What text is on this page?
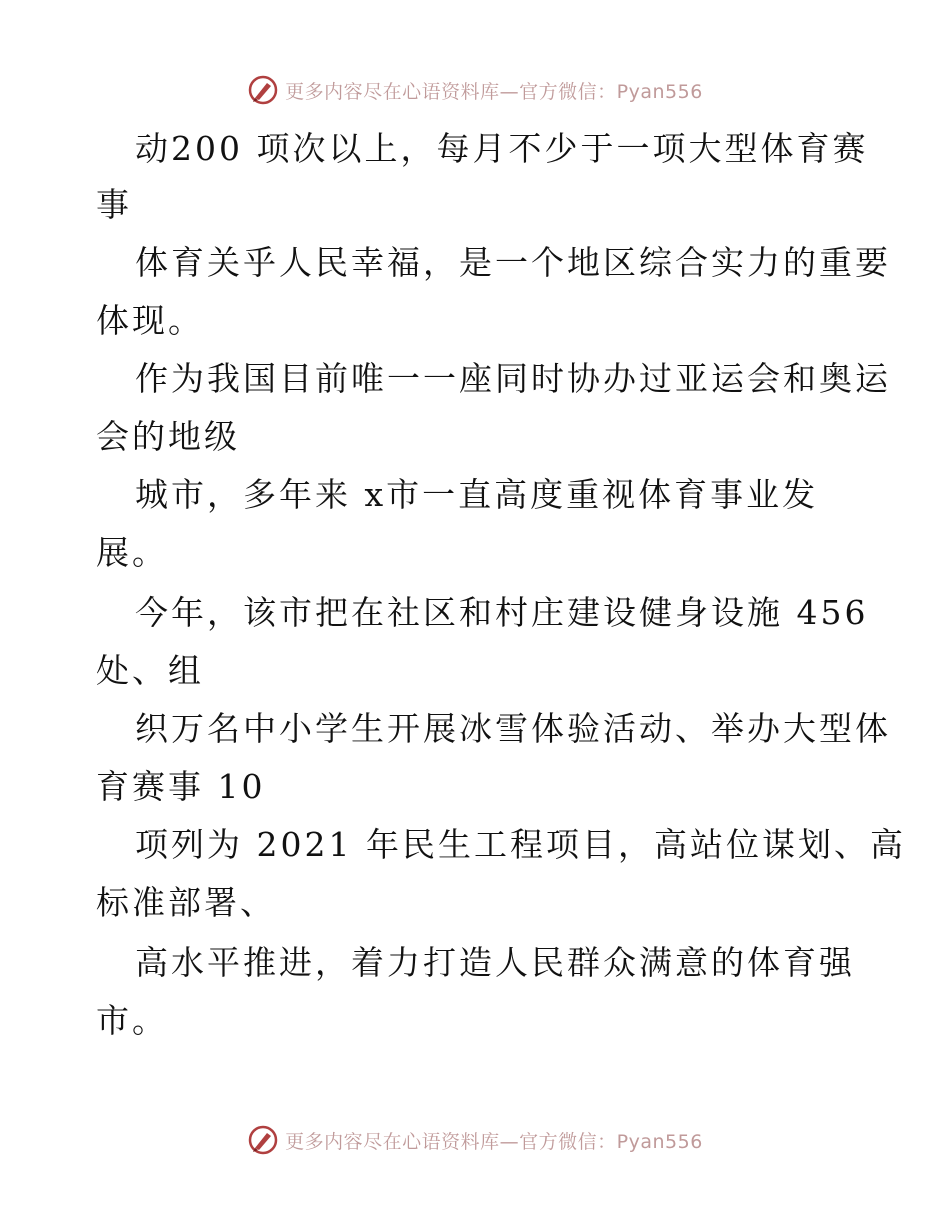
更多内容尽在心语资料库—官方微信：Pyan556
动200 项次以上，每月不少于一项大型体育赛
事
体育关乎人民幸福，是一个地区综合实力的重要
体现。
作为我国目前唯一一座同时协办过亚运会和奥运
会的地级
城市，多年来 x市一直高度重视体育事业发
展。
今年，该市把在社区和村庄建设健身设施 456
处、组
织万名中小学生开展冰雪体验活动、举办大型体
育赛事 10
项列为 2021 年民生工程项目，高站位谋划、高
标准部署、
高水平推进，着力打造人民群众满意的体育强
市。
更多内容尽在心语资料库—官方微信：Pyan556
